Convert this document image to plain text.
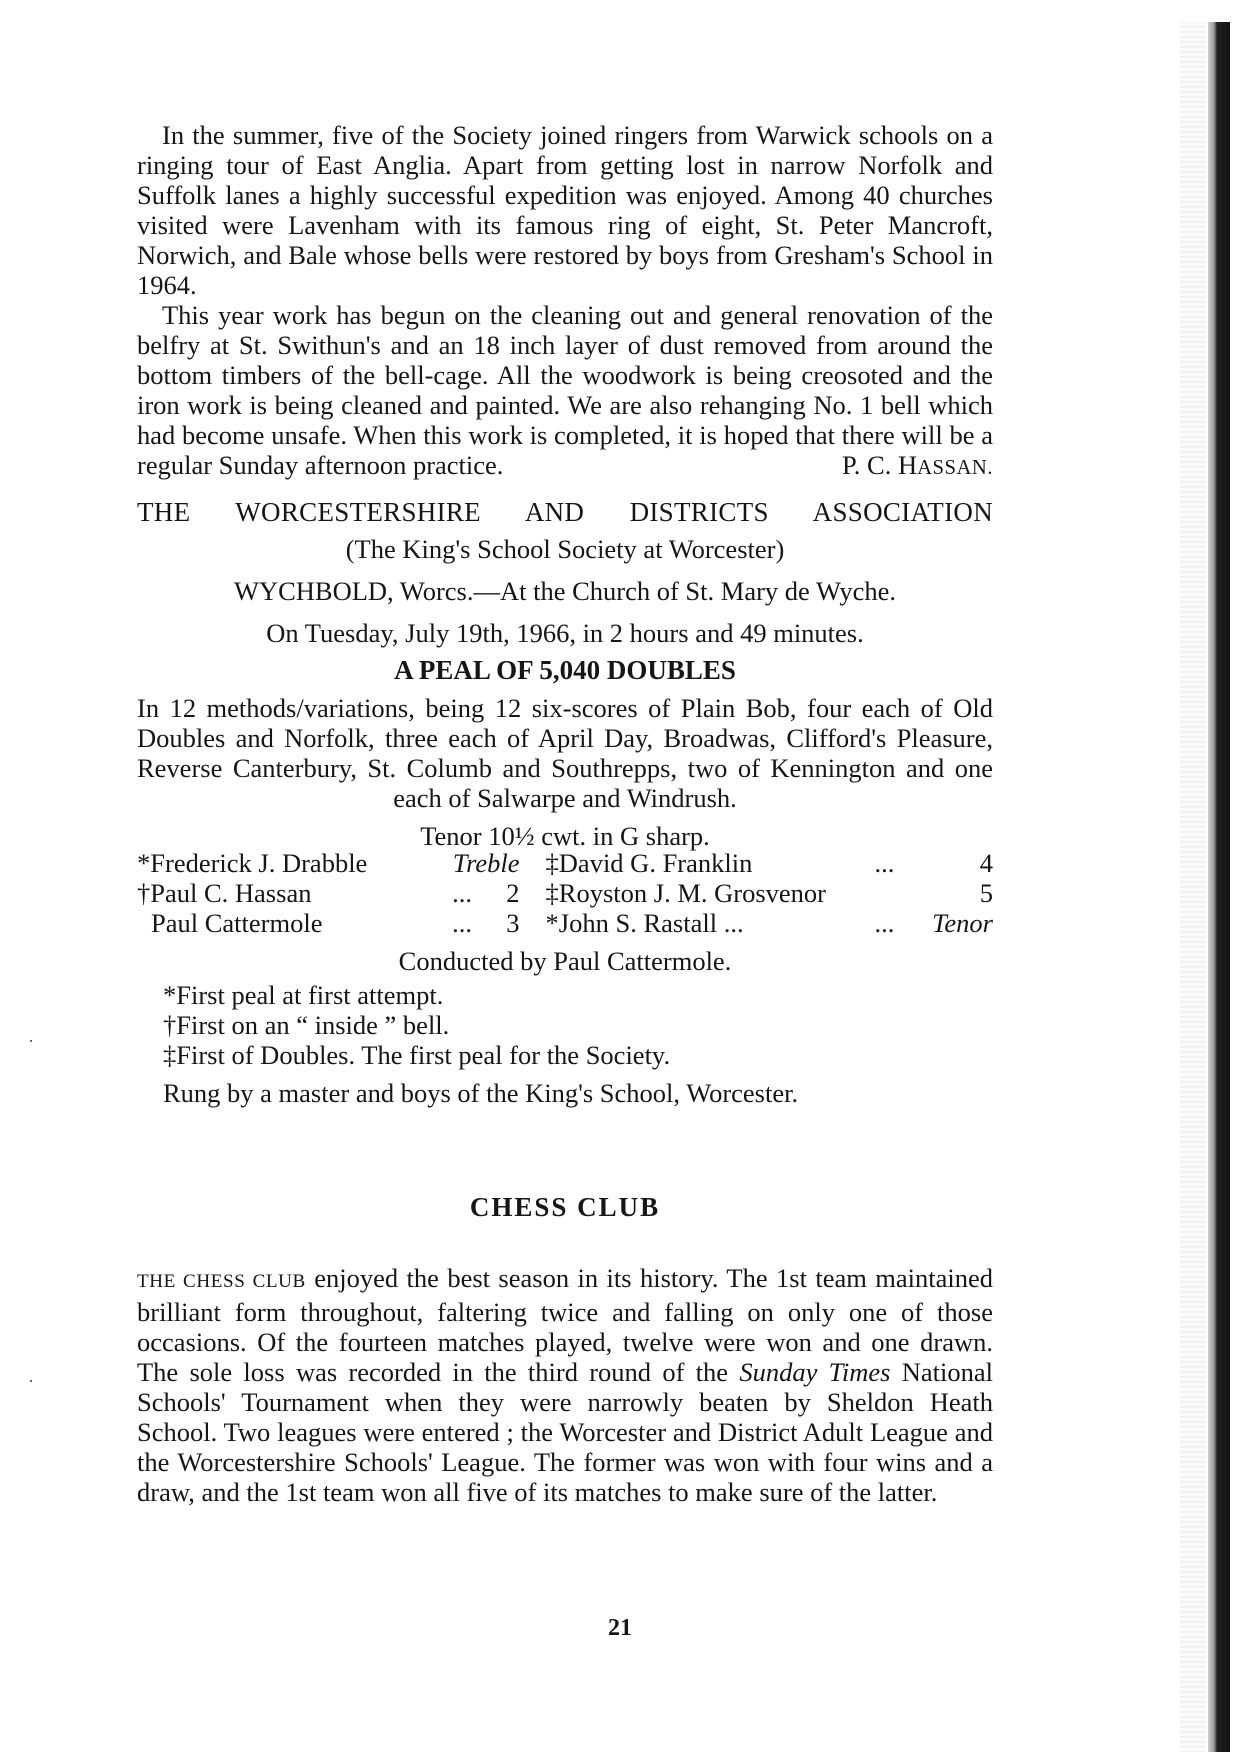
In the summer, five of the Society joined ringers from Warwick schools on a ringing tour of East Anglia. Apart from getting lost in narrow Norfolk and Suffolk lanes a highly successful expedition was enjoyed. Among 40 churches visited were Lavenham with its famous ring of eight, St. Peter Mancroft, Norwich, and Bale whose bells were restored by boys from Gresham's School in 1964.

This year work has begun on the cleaning out and general renovation of the belfry at St. Swithun's and an 18 inch layer of dust removed from around the bottom timbers of the bell-cage. All the woodwork is being creosoted and the iron work is being cleaned and painted. We are also rehanging No. 1 bell which had become unsafe. When this work is completed, it is hoped that there will be a regular Sunday afternoon practice.	P. C. HASSAN.

THE WORCESTERSHIRE AND DISTRICTS ASSOCIATION

(The King's School Society at Worcester)

WYCHBOLD, Worcs.—At the Church of St. Mary de Wyche.

On Tuesday, July 19th, 1966, in 2 hours and 49 minutes.

A PEAL OF 5,040 DOUBLES

In 12 methods/variations, being 12 six-scores of Plain Bob, four each of Old Doubles and Norfolk, three each of April Day, Broadwas, Clifford's Pleasure, Reverse Canterbury, St. Columb and Southrepps, two of Kennington and one each of Salwarpe and Windrush.

Tenor 10½ cwt. in G sharp.

*Frederick J. Drabble		Treble		‡David G. Franklin	...	4
†Paul C. Hassan		...	2	‡Royston J. M. Grosvenor		5
Paul Cattermole		...	3	*John S. Rastall ...	...	Tenor

Conducted by Paul Cattermole.

*First peal at first attempt.

†First on an “ inside ” bell.

‡First of Doubles. The first peal for the Society.

Rung by a master and boys of the King's School, Worcester.

CHESS CLUB

THE CHESS CLUB enjoyed the best season in its history. The 1st team maintained brilliant form throughout, faltering twice and falling on only one of those occasions. Of the fourteen matches played, twelve were won and one drawn. The sole loss was recorded in the third round of the Sunday Times National Schools' Tournament when they were narrowly beaten by Sheldon Heath School. Two leagues were entered ; the Worcester and District Adult League and the Worcestershire Schools' League. The former was won with four wins and a draw, and the 1st team won all five of its matches to make sure of the latter.

21
